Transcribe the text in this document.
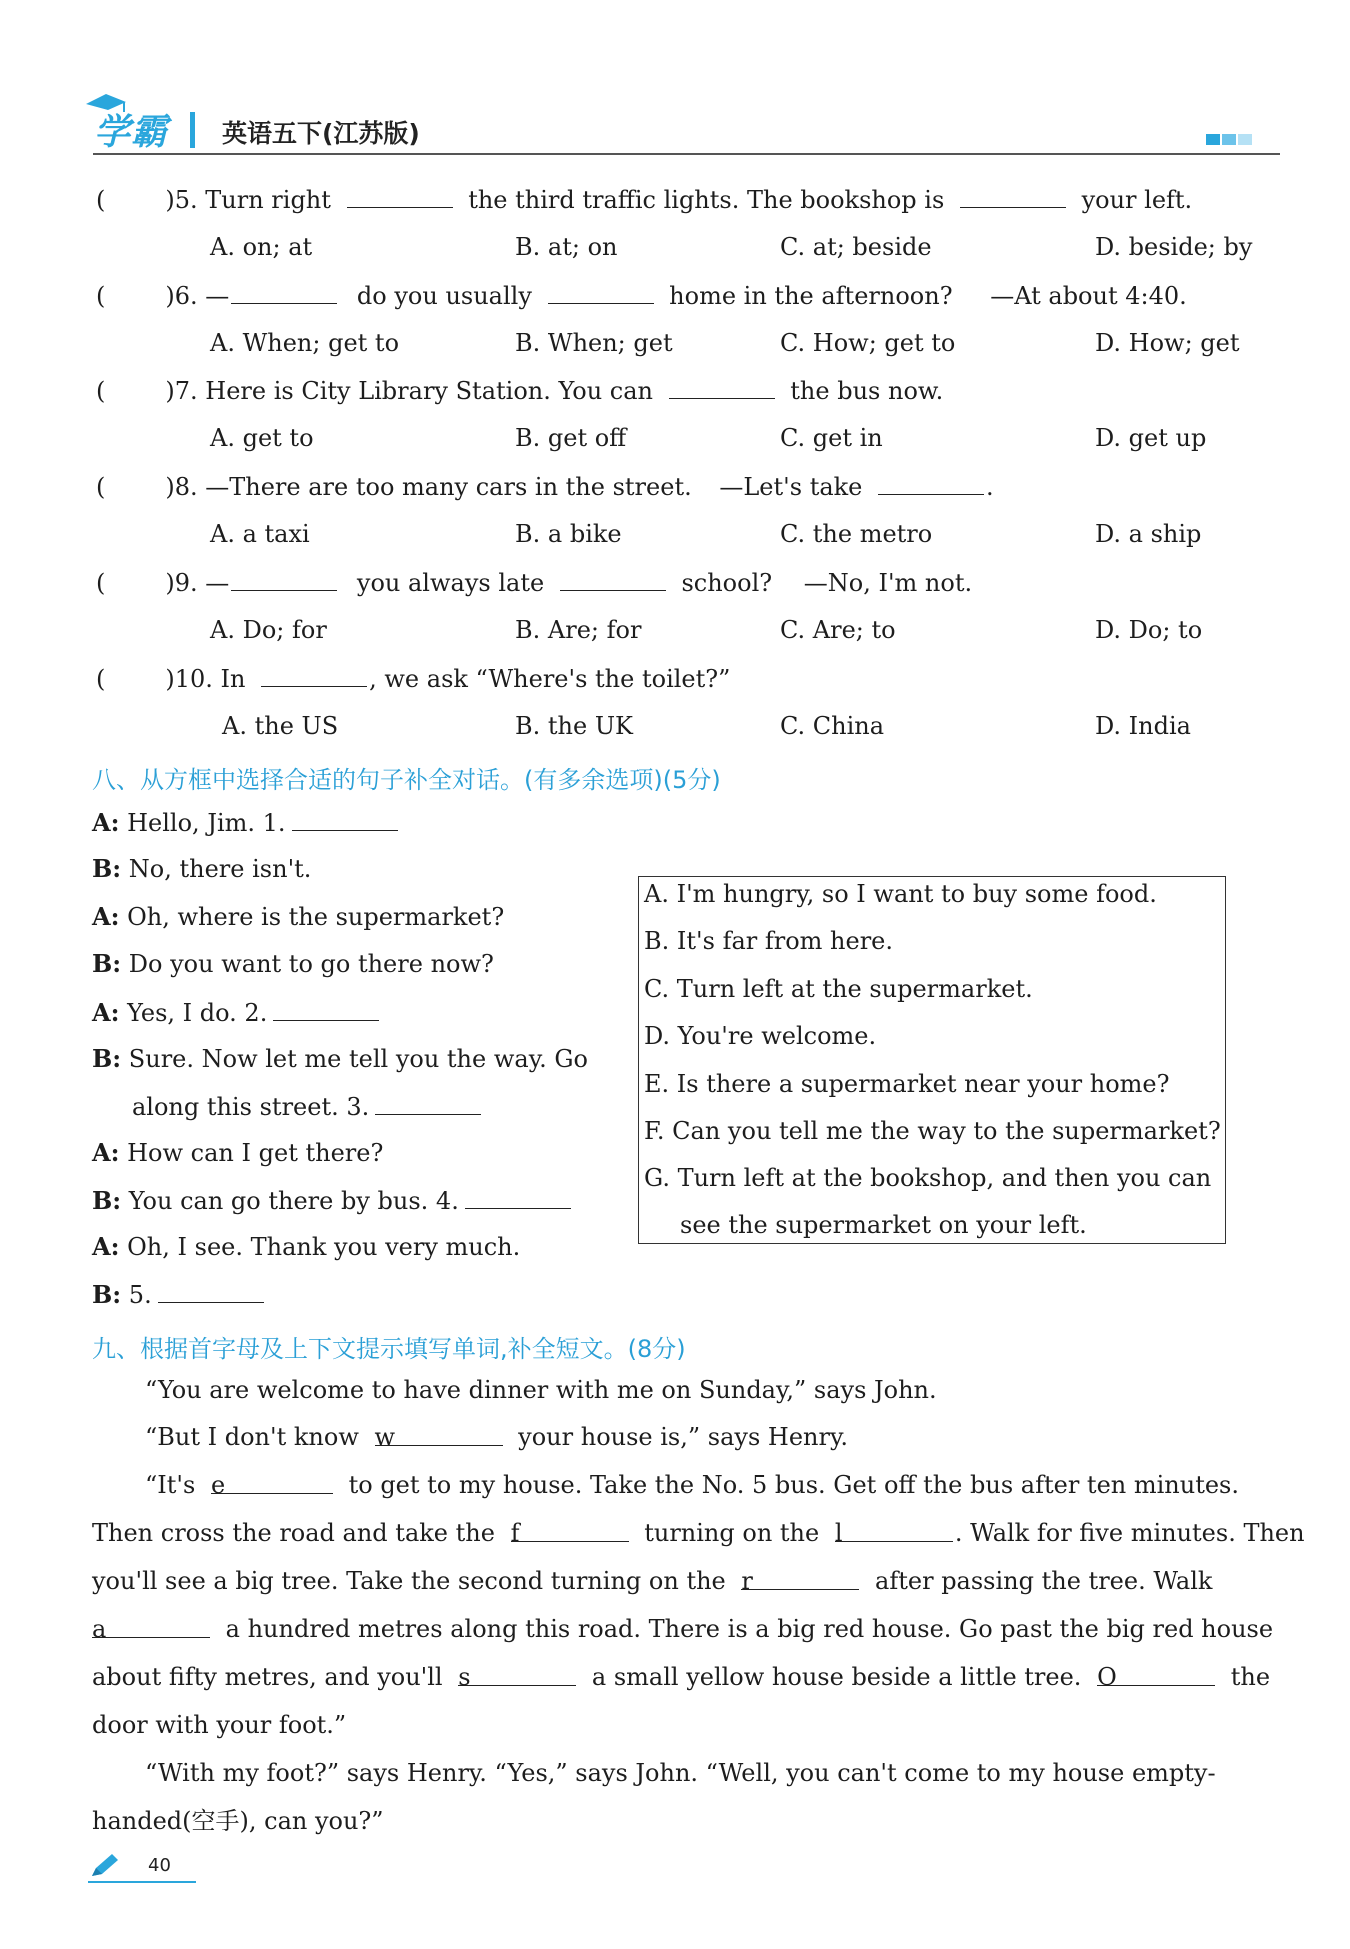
学霸 英语五下(江苏版)
(	)5. Turn right	the third traffic lights. The bookshop is	your left.
A. on; at	B. at; on	C. at; beside	D. beside; by
(	)6. —	do you usually	home in the afternoon? —At about 4:40.
A. When; get to	B. When; get	C. How; get to	D. How; get
(	)7. Here is City Library Station. You can	the bus now.
A. get to	B. get off	C. get in	D. get up
(	)8. —There are too many cars in the street. —Let's take	.
A. a taxi	B. a bike	C. the metro	D. a ship
(	)9. —	you always late	school? —No, I'm not.
A. Do; for	B. Are; for	C. Are; to	D. Do; to
(	)10. In	, we ask “Where's the toilet?”
A. the US	B. the UK	C. China	D. India
八、从方框中选择合适的句子补全对话。(有多余选项)(5分)
A: Hello, Jim. 1.
B: No, there isn't.
A: Oh, where is the supermarket?
B: Do you want to go there now?
A: Yes, I do. 2.
B: Sure. Now let me tell you the way. Go
along this street. 3.
A: How can I get there?
B: You can go there by bus. 4.
A: Oh, I see. Thank you very much.
B: 5.
A. I'm hungry, so I want to buy some food.
B. It's far from here.
C. Turn left at the supermarket.
D. You're welcome.
E. Is there a supermarket near your home?
F. Can you tell me the way to the supermarket?
G. Turn left at the bookshop, and then you can
see the supermarket on your left.
九、根据首字母及上下文提示填写单词,补全短文。(8分)
“You are welcome to have dinner with me on Sunday,” says John.
“But I don't know w	your house is,” says Henry.
“It's e	to get to my house. Take the No. 5 bus. Get off the bus after ten minutes.
Then cross the road and take the f	turning on the l	. Walk for five minutes. Then
you'll see a big tree. Take the second turning on the r	after passing the tree. Walk
a	a hundred metres along this road. There is a big red house. Go past the big red house
about fifty metres, and you'll s	a small yellow house beside a little tree. O	the
door with your foot.”
“With my foot?” says Henry. “Yes,” says John. “Well, you can't come to my house empty-
handed(空手), can you?”
40
